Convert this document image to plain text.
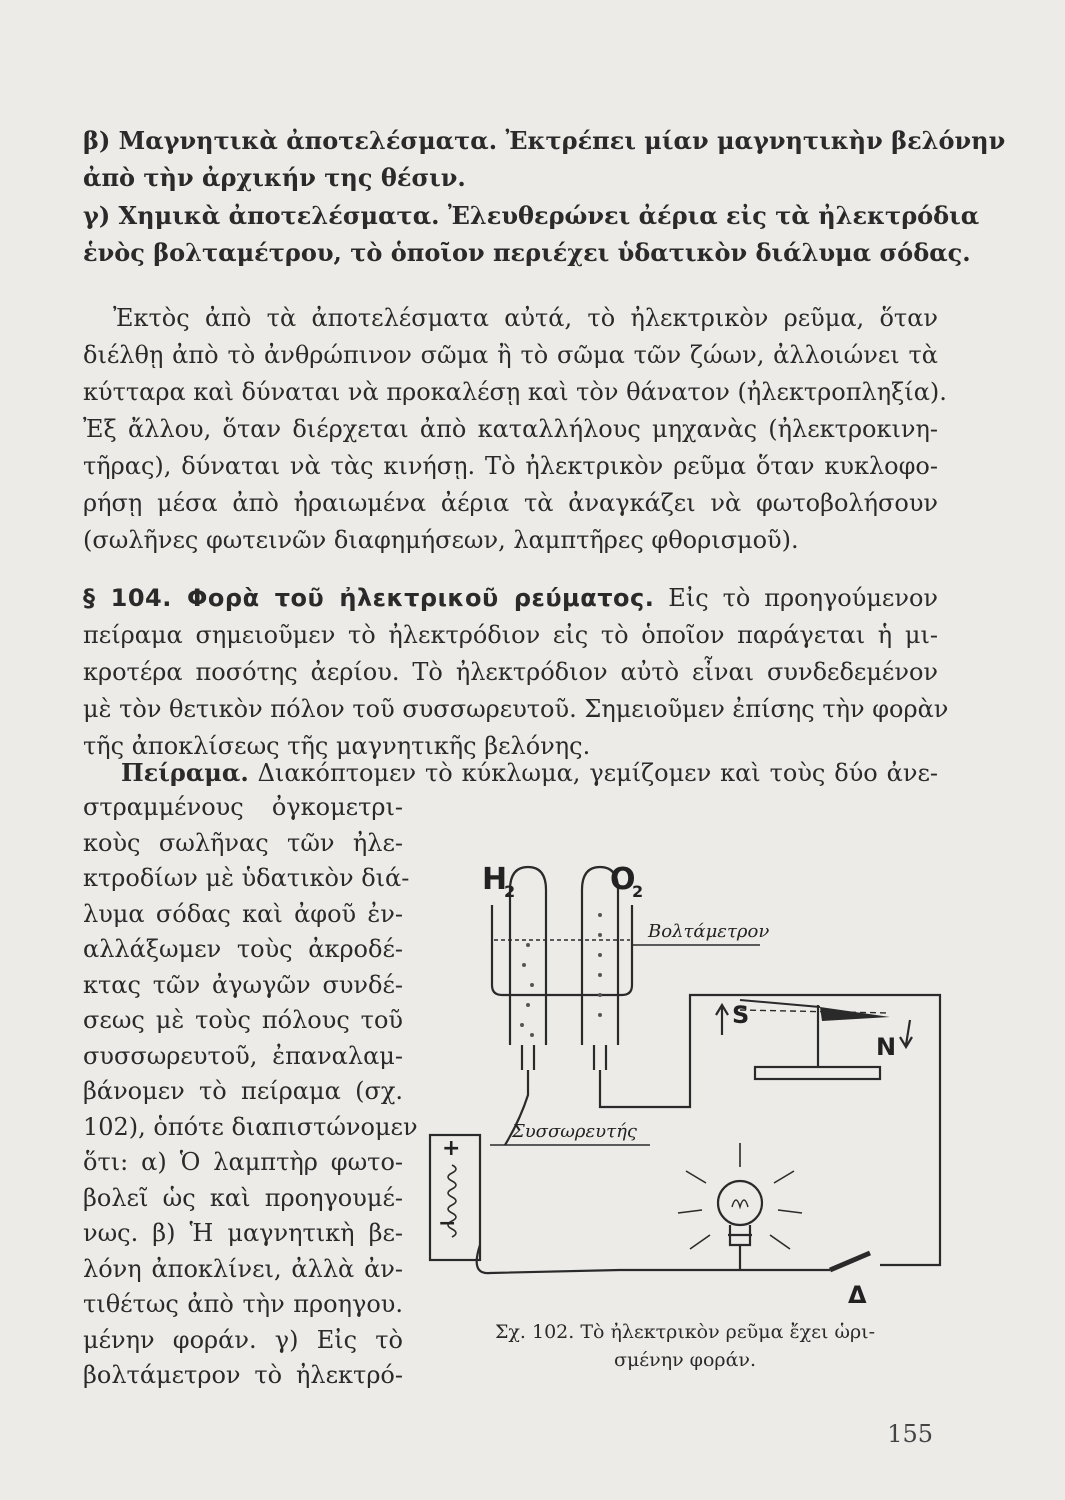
β) Μαγνητικὰ ἀποτελέσματα. Ἐκτρέπει μίαν μαγνητικὴν βελόνην
ἀπὸ τὴν ἀρχικήν της θέσιν.
γ) Χημικὰ ἀποτελέσματα. Ἐλευθερώνει ἀέρια εἰς τὰ ἠλεκτρόδια
ἑνὸς βολταμέτρου, τὸ ὁποῖον περιέχει ὑδατικὸν διάλυμα σόδας.
Ἐκτὸς ἀπὸ τὰ ἀποτελέσματα αὐτά, τὸ ἠλεκτρικὸν ρεῦμα, ὅταν
διέλθῃ ἀπὸ τὸ ἀνθρώπινον σῶμα ἢ τὸ σῶμα τῶν ζώων, ἀλλοιώνει τὰ
κύτταρα καὶ δύναται νὰ προκαλέσῃ καὶ τὸν θάνατον (ἠλεκτροπληξία).
Ἐξ ἄλλου, ὅταν διέρχεται ἀπὸ καταλλήλους μηχανὰς (ἠλεκτροκινη-
τῆρας), δύναται νὰ τὰς κινήσῃ. Τὸ ἠλεκτρικὸν ρεῦμα ὅταν κυκλοφο-
ρήσῃ μέσα ἀπὸ ἠραιωμένα ἀέρια τὰ ἀναγκάζει νὰ φωτοβολήσουν
(σωλῆνες φωτεινῶν διαφημήσεων, λαμπτῆρες φθορισμοῦ).
§ 104. Φορὰ τοῦ ἠλεκτρικοῦ ρεύματος. Εἰς τὸ προηγούμενον
πείραμα σημειοῦμεν τὸ ἠλεκτρόδιον εἰς τὸ ὁποῖον παράγεται ἡ μι-
κροτέρα ποσότης ἀερίου. Τὸ ἠλεκτρόδιον αὐτὸ εἶναι συνδεδεμένον
μὲ τὸν θετικὸν πόλον τοῦ συσσωρευτοῦ. Σημειοῦμεν ἐπίσης τὴν φορὰν
τῆς ἀποκλίσεως τῆς μαγνητικῆς βελόνης.
Πείραμα. Διακόπτομεν τὸ κύκλωμα, γεμίζομεν καὶ τοὺς δύο ἀνε-
στραμμένους ὀγκομετρι-
κοὺς σωλῆνας τῶν ἠλε-
κτροδίων μὲ ὑδατικὸν διά-
λυμα σόδας καὶ ἀφοῦ ἐν-
αλλάξωμεν τοὺς ἀκροδέ-
κτας τῶν ἀγωγῶν συνδέ-
σεως μὲ τοὺς πόλους τοῦ
συσσωρευτοῦ, ἐπαναλαμ-
βάνομεν τὸ πείραμα (σχ.
102), ὁπότε διαπιστώνομεν
ὅτι: α) Ὁ λαμπτὴρ φωτο-
βολεῖ ὡς καὶ προηγουμέ-
νως. β) Ἡ μαγνητικὴ βε-
λόνη ἀποκλίνει, ἀλλὰ ἀν-
τιθέτως ἀπὸ τὴν προηγου.
μένην φοράν. γ) Εἰς τὸ
βολτάμετρον τὸ ἠλεκτρό-
H
2	O
2
Βολτάμετρον
Συσσωρευτής
S
N
Δ
+
−
Σχ. 102. Τὸ ἠλεκτρικὸν ρεῦμα ἔχει ὡρι-
σμένην φοράν.
155
